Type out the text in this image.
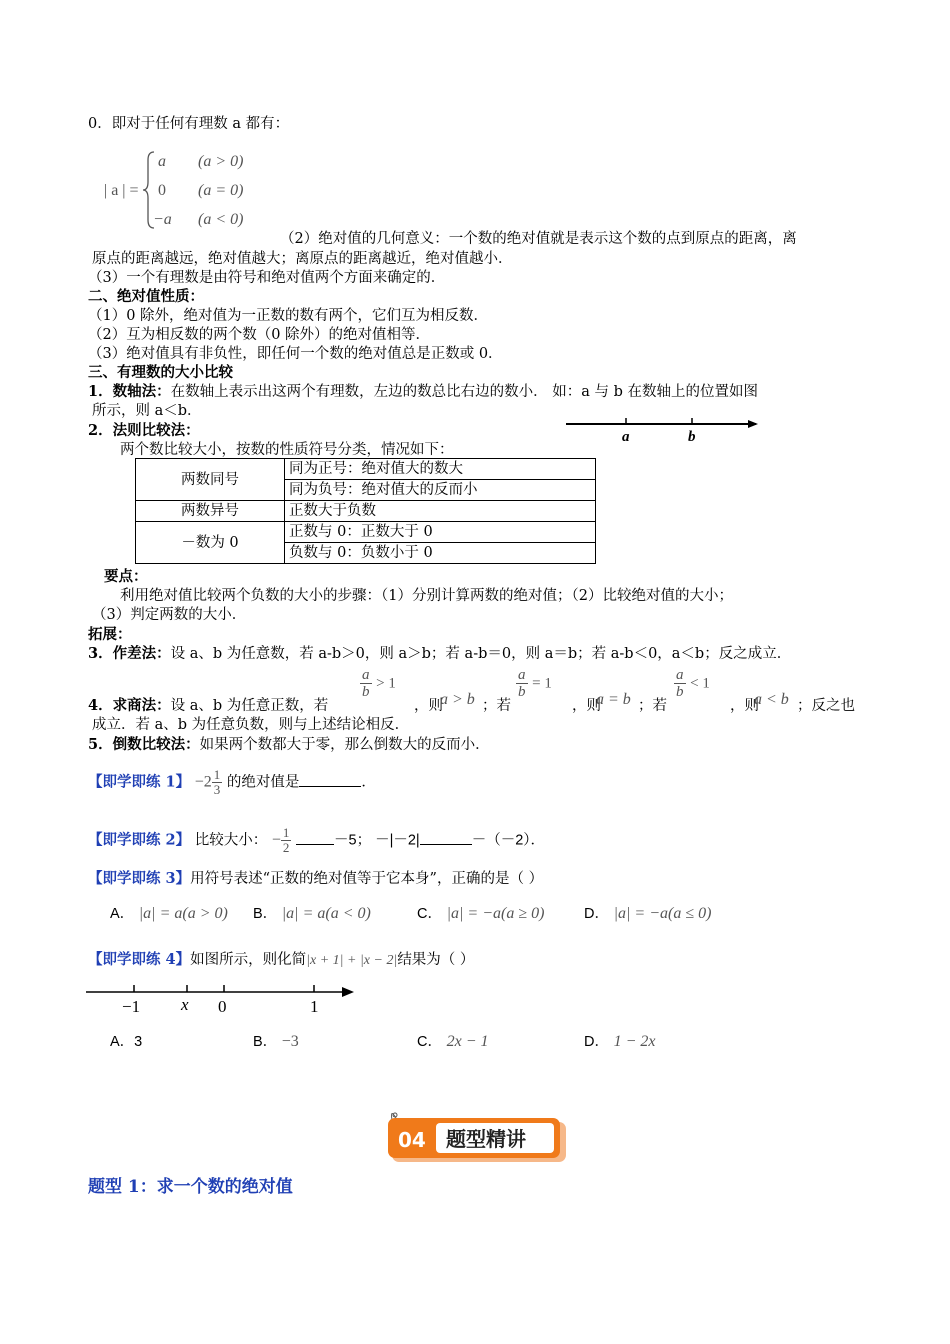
0．即对于任何有理数 a 都有：
| a | =
a (a > 0)
0 (a = 0)
−a (a < 0)
（2）绝对值的几何意义：一个数的绝对值就是表示这个数的点到原点的距离，离
原点的距离越远，绝对值越大；离原点的距离越近，绝对值越小．
（3）一个有理数是由符号和绝对值两个方面来确定的．
二、绝对值性质：
（1）0 除外，绝对值为一正数的数有两个，它们互为相反数．
（2）互为相反数的两个数（0 除外）的绝对值相等．
（3）绝对值具有非负性，即任何一个数的绝对值总是正数或 0．
三、有理数的大小比较
1．数轴法：在数轴上表示出这两个有理数，左边的数总比右边的数小． 如：a 与 b 在数轴上的位置如图
所示，则 a＜b．
a	b
2．法则比较法：
两个数比较大小，按数的性质符号分类，情况如下：
两数同号	同为正号：绝对值大的数大
	同为负号：绝对值大的反而小
两数异号	正数大于负数
－数为 0	正数与 0：正数大于 0
	负数与 0：负数小于 0
要点：
利用绝对值比较两个负数的大小的步骤：（1）分别计算两数的绝对值；（2）比较绝对值的大小；
（3）判定两数的大小．
拓展：
3．作差法：设 a、b 为任意数，若 a-b＞0，则 a＞b；若 a-b＝0，则 a＝b；若 a-b＜0，a＜b；反之成立．
4．求商法：设 a、b 为任意正数，若
$\frac{a}{b} > 1$
，则
a > b ；若
$\frac{a}{b} = 1$
，则
a = b ；若
$\frac{a}{b} < 1$
，则
a < b ；反之也
成立．若 a、b 为任意负数，则与上述结论相反．
5．倒数比较法：如果两个数都大于零，那么倒数大的反而小．
【即学即练 1】 $-2 \frac{1}{3}$ 的绝对值是	．
【即学即练 2】 比较大小： − $\frac{1}{2}$	－5； －|－2|	－（－2）．
【即学即练 3】用符号表述“正数的绝对值等于它本身”，正确的是（ ）
A． |a| = a(a > 0) B． |a| = a(a < 0)	C． |a| = −a(a ≥ 0)	D． |a| = −a(a ≤ 0)
【即学即练 4】如图所示，则化简|x + 1| + |x − 2|结果为（ ）
−1 x 0	1
A．3	B． −3	C． 2x − 1	D． 1 − 2x
04 题型精讲
题型 1：求一个数的绝对值
